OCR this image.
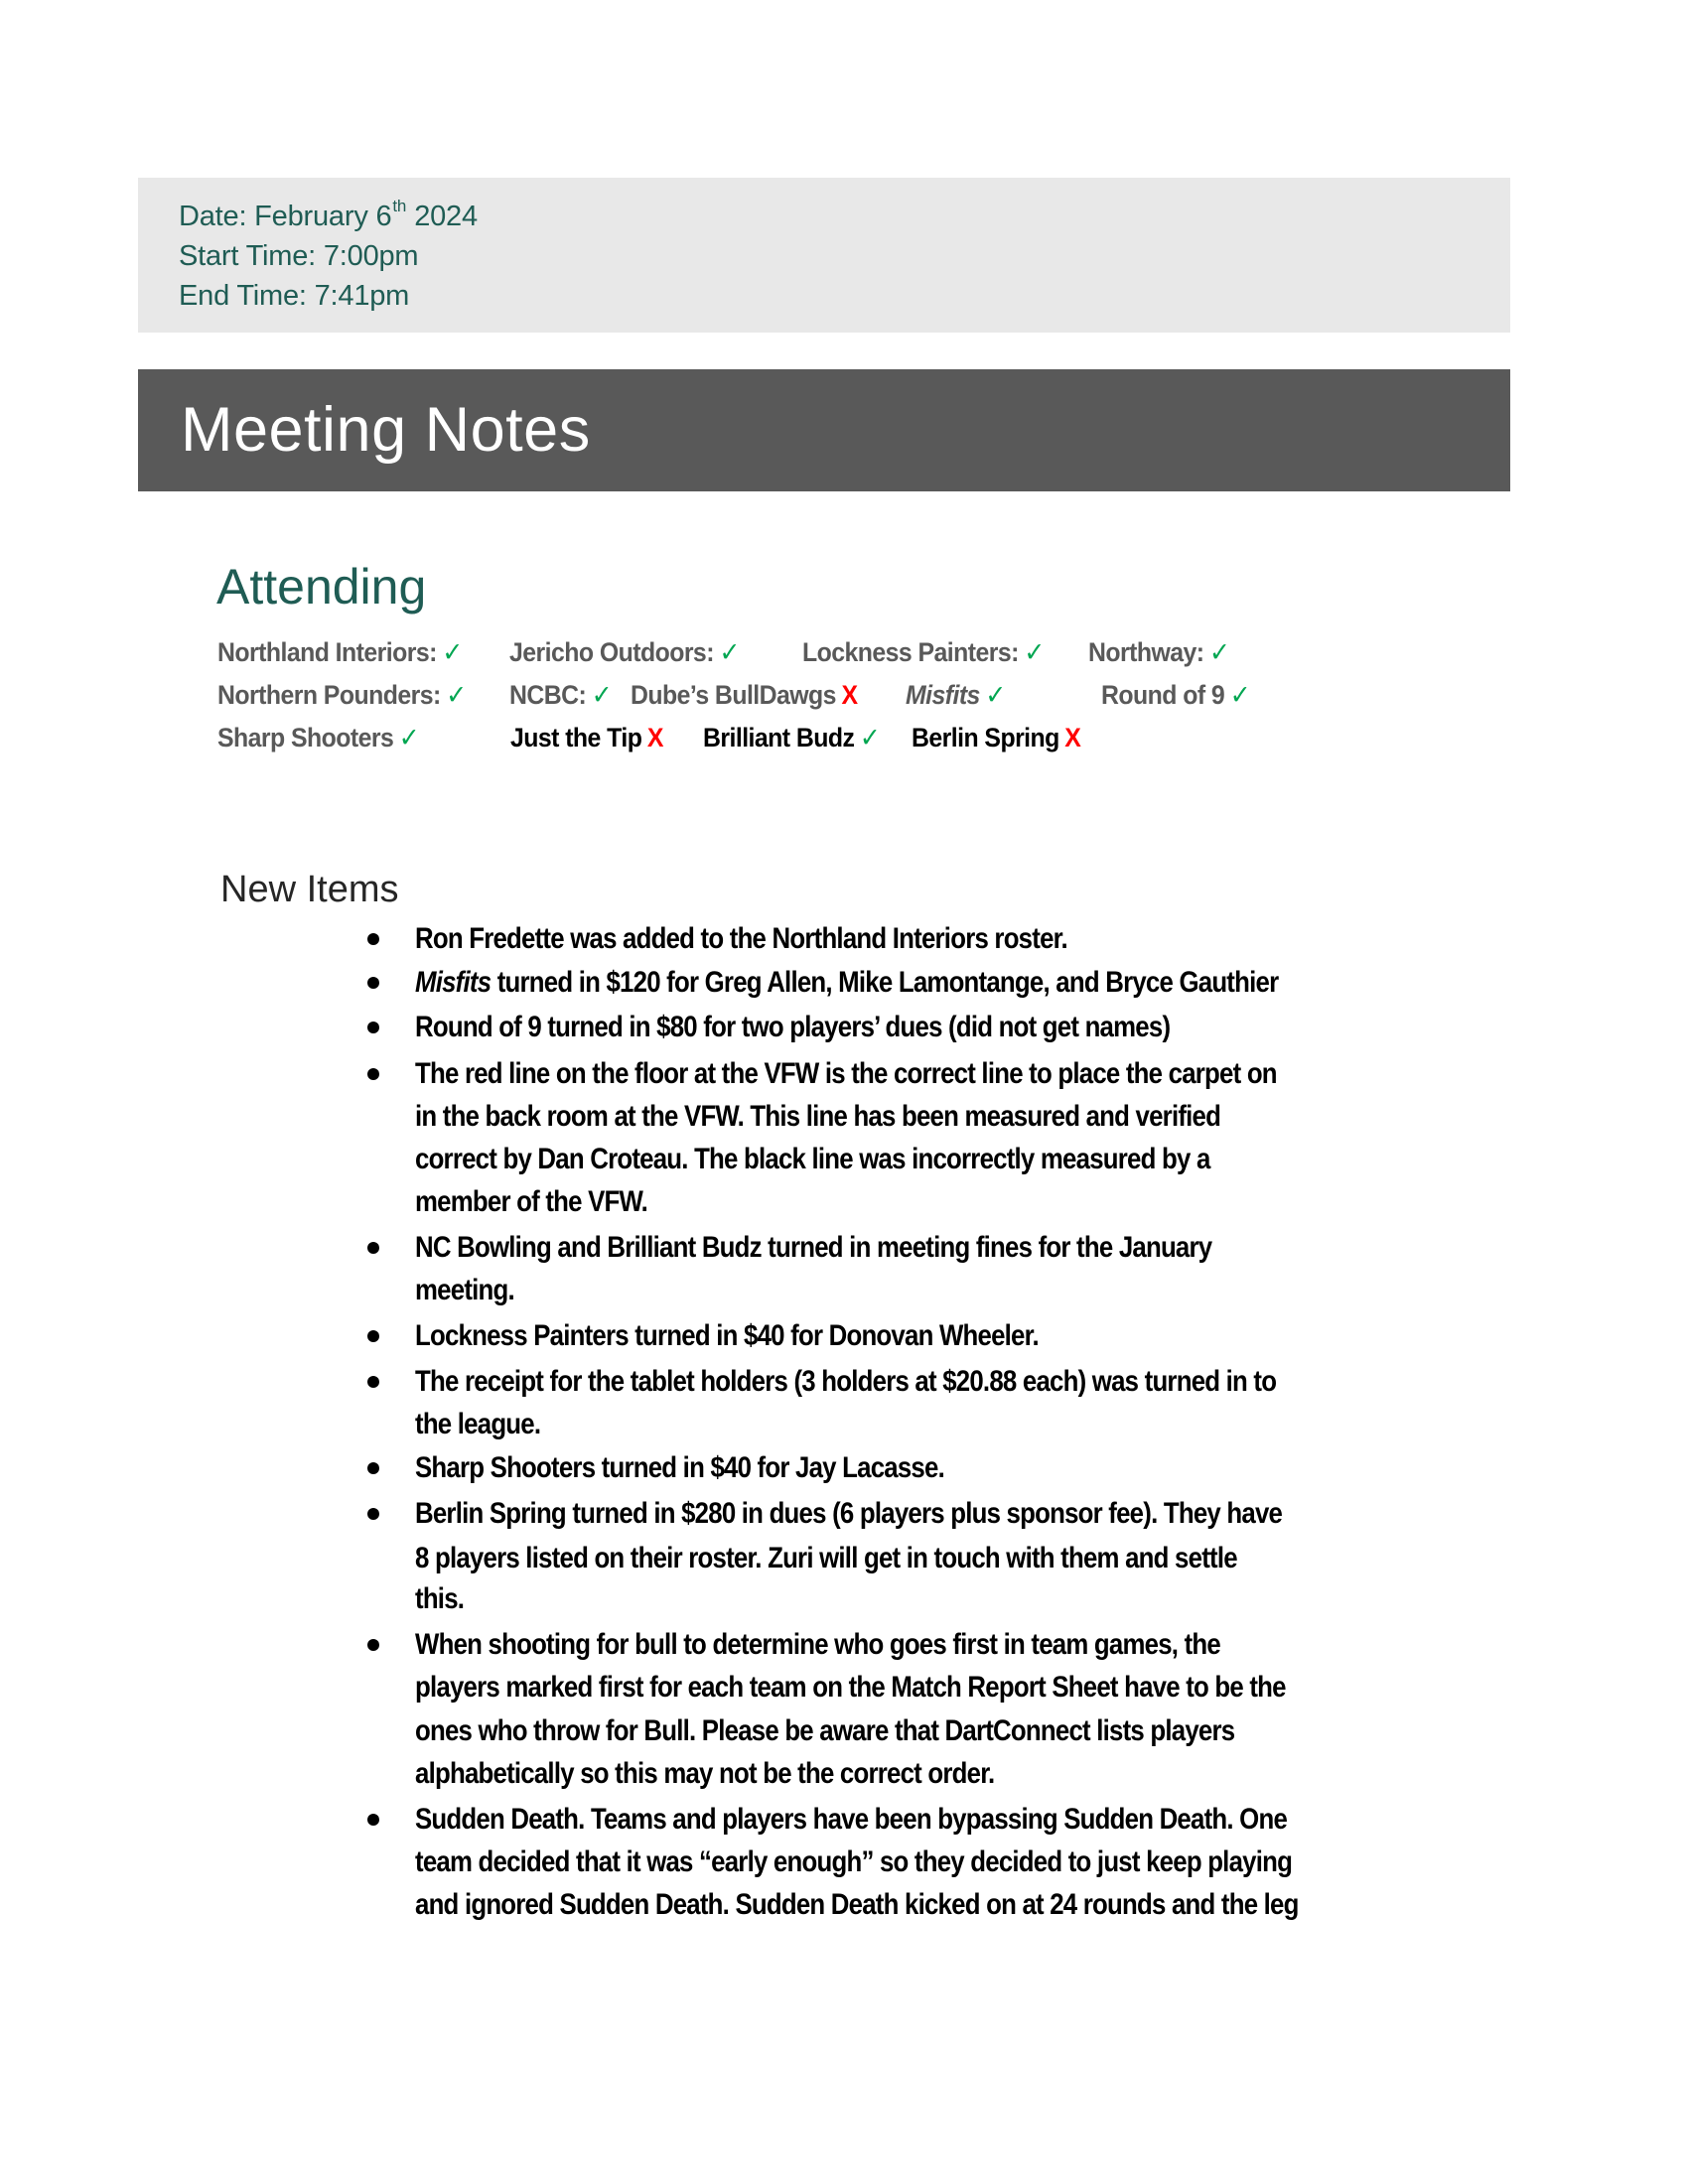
Date: February 6th 2024
Start Time: 7:00pm
End Time: 7:41pm
Meeting Notes
Attending
Northland Interiors: ✓ Jericho Outdoors: ✓ Lockness Painters: ✓ Northway: ✓
Northern Pounders: ✓ NCBC: ✓ Dube’s BullDawgs X Misfits ✓	Round of 9 ✓
Sharp Shooters ✓	Just the Tip X Brilliant Budz ✓ Berlin Spring X
New Items
Ron Fredette was added to the Northland Interiors roster.
Misfits turned in $120 for Greg Allen, Mike Lamontange, and Bryce Gauthier
Round of 9 turned in $80 for two players’ dues (did not get names)
The red line on the floor at the VFW is the correct line to place the carpet on
in the back room at the VFW. This line has been measured and verified
correct by Dan Croteau. The black line was incorrectly measured by a
member of the VFW.
NC Bowling and Brilliant Budz turned in meeting fines for the January
meeting.
Lockness Painters turned in $40 for Donovan Wheeler.
The receipt for the tablet holders (3 holders at $20.88 each) was turned in to
the league.
Sharp Shooters turned in $40 for Jay Lacasse.
Berlin Spring turned in $280 in dues (6 players plus sponsor fee). They have
8 players listed on their roster. Zuri will get in touch with them and settle
this.
When shooting for bull to determine who goes first in team games, the
players marked first for each team on the Match Report Sheet have to be the
ones who throw for Bull. Please be aware that DartConnect lists players
alphabetically so this may not be the correct order.
Sudden Death. Teams and players have been bypassing Sudden Death. One
team decided that it was “early enough” so they decided to just keep playing
and ignored Sudden Death. Sudden Death kicked on at 24 rounds and the leg
